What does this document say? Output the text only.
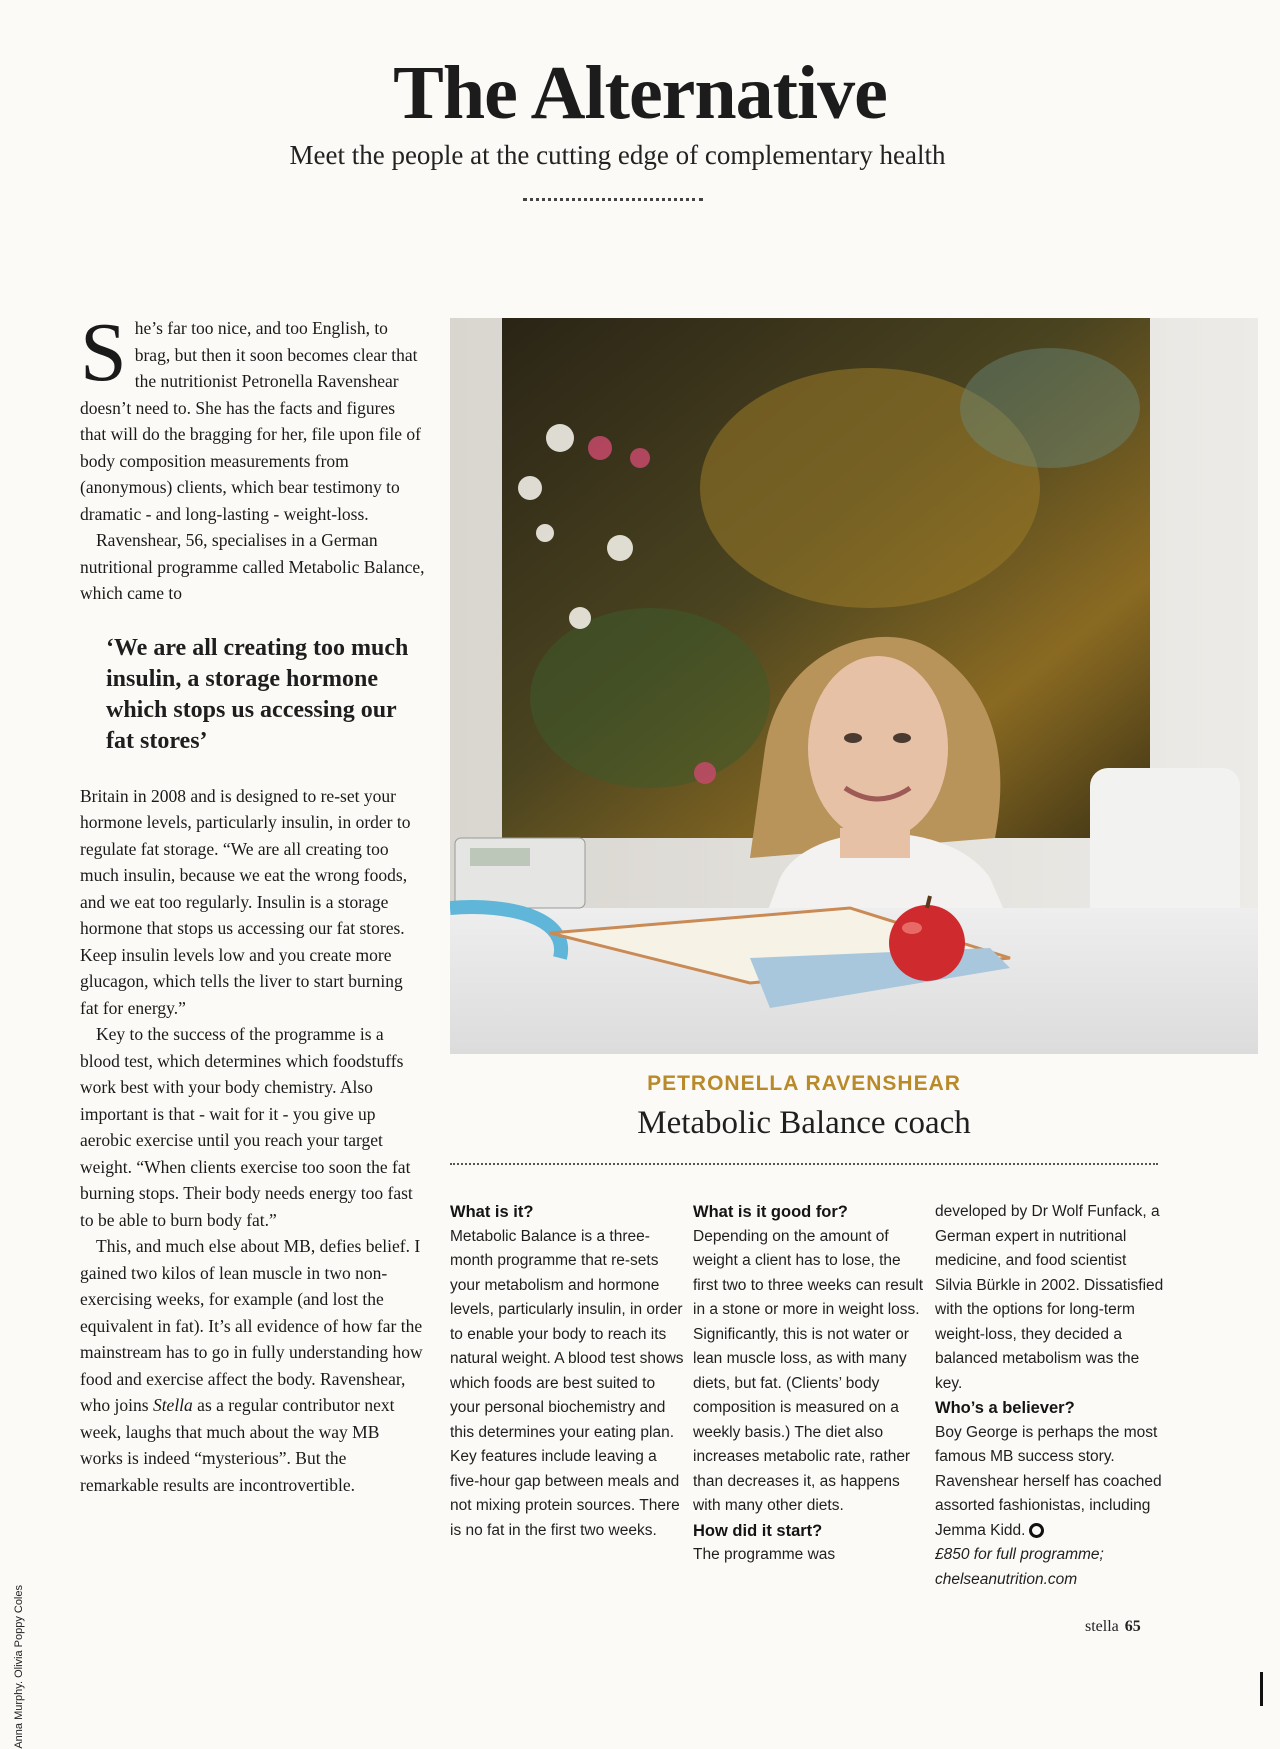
The Alternative
Meet the people at the cutting edge of complementary health

She’s far too nice, and too English, to brag, but then it soon becomes clear that the nutritionist Petronella Ravenshear doesn’t need to. She has the facts and figures that will do the bragging for her, file upon file of body composition measurements from (anonymous) clients, which bear testimony to dramatic - and long-lasting - weight-loss.

Ravenshear, 56, specialises in a German nutritional programme called Metabolic Balance, which came to

‘We are all creating too much insulin, a storage hormone which stops us accessing our fat stores’

Britain in 2008 and is designed to re-set your hormone levels, particularly insulin, in order to regulate fat storage. “We are all creating too much insulin, because we eat the wrong foods, and we eat too regularly. Insulin is a storage hormone that stops us accessing our fat stores. Keep insulin levels low and you create more glucagon, which tells the liver to start burning fat for energy.”

Key to the success of the programme is a blood test, which determines which foodstuffs work best with your body chemistry. Also important is that - wait for it - you give up aerobic exercise until you reach your target weight. “When clients exercise too soon the fat burning stops. Their body needs energy too fast to be able to burn body fat.”

This, and much else about MB, defies belief. I gained two kilos of lean muscle in two non-exercising weeks, for example (and lost the equivalent in fat). It’s all evidence of how far the mainstream has to go in fully understanding how food and exercise affect the body. Ravenshear, who joins Stella as a regular contributor next week, laughs that much about the way MB works is indeed “mysterious”. But the remarkable results are incontrovertible.

PETRONELLA RAVENSHEAR
Metabolic Balance coach

What is it?

Metabolic Balance is a three-month programme that re-sets your metabolism and hormone levels, particularly insulin, in order to enable your body to reach its natural weight. A blood test shows which foods are best suited to your personal biochemistry and this determines your eating plan. Key features include leaving a five-hour gap between meals and not mixing protein sources. There is no fat in the first two weeks.

What is it good for?

Depending on the amount of weight a client has to lose, the first two to three weeks can result in a stone or more in weight loss. Significantly, this is not water or lean muscle loss, as with many diets, but fat. (Clients’ body composition is measured on a weekly basis.) The diet also increases metabolic rate, rather than decreases it, as happens with many other diets.

How did it start?

The programme was

developed by Dr Wolf Funfack, a German expert in nutritional medicine, and food scientist Silvia Bürkle in 2002. Dissatisfied with the options for long-term weight-loss, they decided a balanced metabolism was the key.

Who’s a believer?

Boy George is perhaps the most famous MB success story. Ravenshear herself has coached assorted fashionistas, including Jemma Kidd.

£850 for full programme;

chelseanutrition.com

Anna Murphy. Olivia Poppy Coles	stella 65
